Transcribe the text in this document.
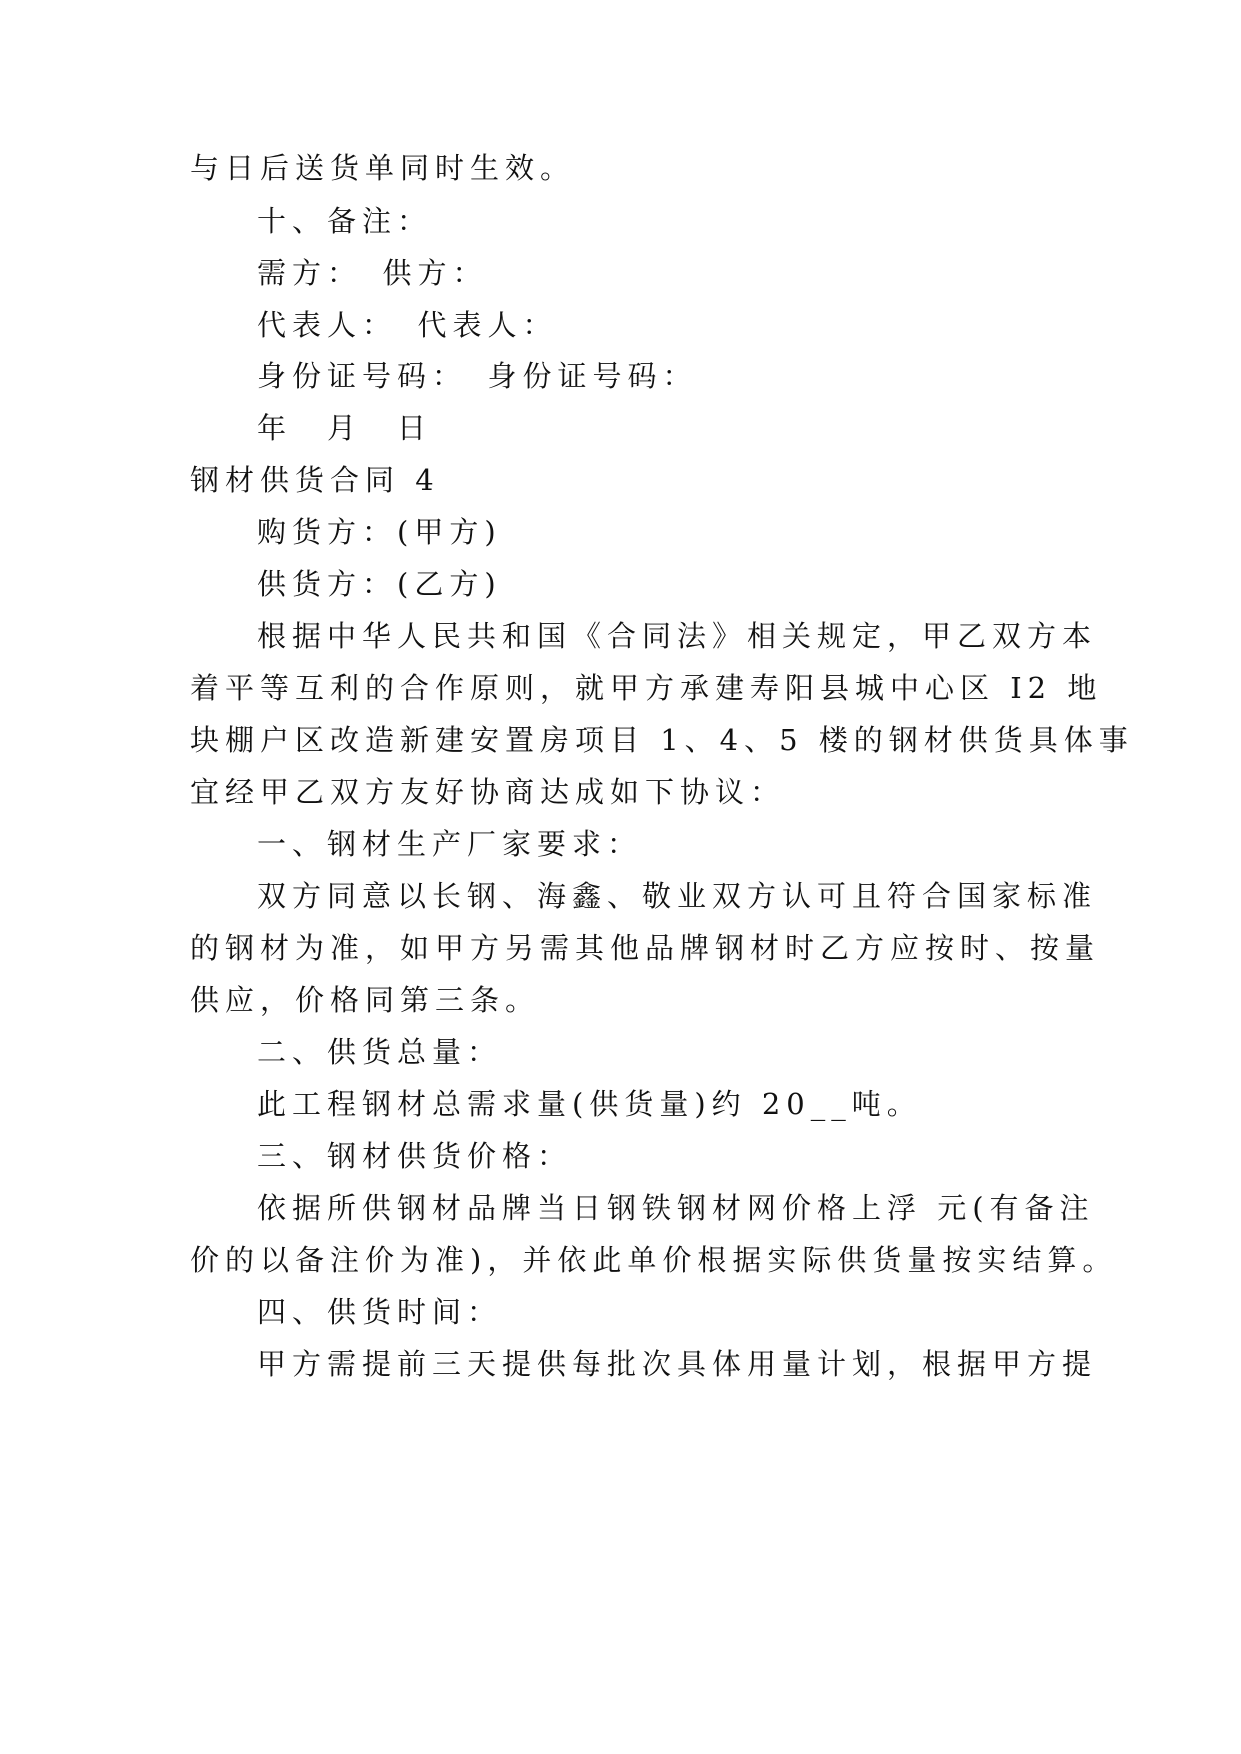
与日后送货单同时生效。
十、备注：
需方：　供方：
代表人：　代表人：
身份证号码：　身份证号码：
年　月　日
钢材供货合同 4
购货方：(甲方)
供货方：(乙方)
根据中华人民共和国《合同法》相关规定，甲乙双方本
着平等互利的合作原则，就甲方承建寿阳县城中心区 I2 地
块棚户区改造新建安置房项目 1、4、5 楼的钢材供货具体事
宜经甲乙双方友好协商达成如下协议：
一、钢材生产厂家要求：
双方同意以长钢、海鑫、敬业双方认可且符合国家标准
的钢材为准，如甲方另需其他品牌钢材时乙方应按时、按量
供应，价格同第三条。
二、供货总量：
此工程钢材总需求量(供货量)约 20__吨。
三、钢材供货价格：
依据所供钢材品牌当日钢铁钢材网价格上浮 元(有备注
价的以备注价为准)，并依此单价根据实际供货量按实结算。
四、供货时间：
甲方需提前三天提供每批次具体用量计划，根据甲方提
